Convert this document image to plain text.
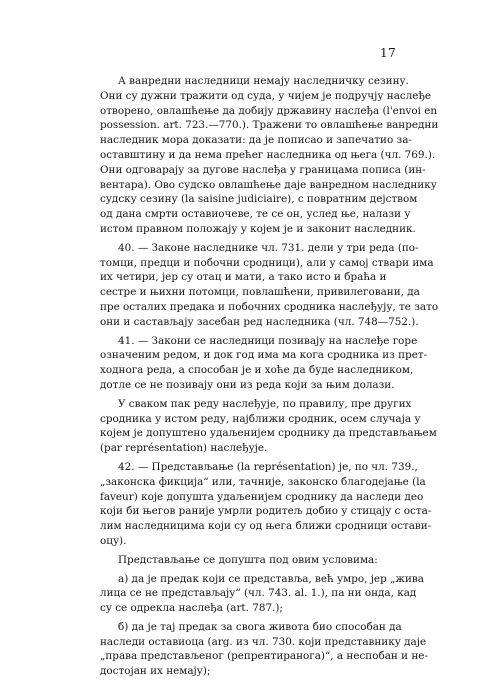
17
А ванредни наследници немају наследничку сезину.
Они су дужни тражити од суда, у чијем је подручју наслеђе
отворено, овлашћење да добију државину наслеђа (l'envoi en
possession. art. 723.—770.). Тражени то овлашћење ванредни
наследник мора доказати: да је пописао и запечатио за-
оставштину и да нема прећег наследника од њега (чл. 769.).
Они одговарају за дугове наслеђа у границама пописа (ин-
вентара). Ово судско овлашћење даје ванредном наследнику
судску сезину (la saisine judiciaire), с повратним дејством
од дана смрти оставиочеве, те се он, услед ње, налази у
истом правном положају у којем је и законит наследник.
40. — Законе наследнике чл. 731. дели у три реда (по-
томци, предци и побочни сродници), али у самој ствари има
их четири, јер су отац и мати, а тако исто и браћа и
сестре и њихни потомци, повлашћени, привилеговани, да
пре осталих предака и побочних сродника наслеђују, те зато
они и састављају засебан ред наследника (чл. 748—752.).
41. — Закони се наследници позивају на наслеђе горе
означеним редом, и док год има ма кога сродника из прет-
ходнога реда, а способан је и хоће да буде наследником,
дотле се не позивају они из реда који за њим долази.
У сваком пак реду наслеђује, по правилу, пре других
сродника у истом реду, најближи сродник, осем случаја у
којем је допуштено удаљенијем сроднику да представљањем
(par représentation) наслеђује.
42. — Представљање (la représentation) је, по чл. 739.,
„законска фикција“ или, тачније, законско благодејање (la
faveur) које допушта удаљенијем сроднику да наследи део
који би његов раније умрли родитељ добио у стицају с оста-
лим наследницима који су од њега ближи сродници остави-
оцу).
Представљање се допушта под овим условима:
а) да је предак који се представља, већ умро, јер „жива
лица се не представљају“ (чл. 743. al. 1.), па ни онда, кад
су се одрекла наслеђа (art. 787.);
б) да је тај предак за свога живота био способан да
наследи оставиоца (arg. из чл. 730. који представнику даје
„права представљеног (репрентиранога)“, а неспобан и не-
достојан их немају);
